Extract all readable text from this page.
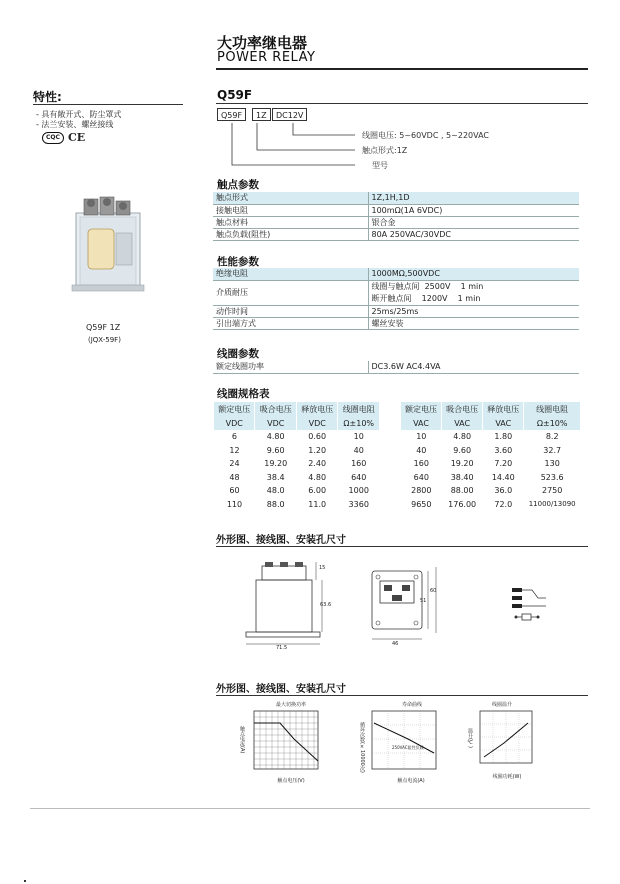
大功率继电器
POWER RELAY
特性:
- 具有敞开式、防尘罩式
- 法兰安装、螺丝接线
CQC CE
Q59F 1Z
(JQX-59F)
Q59F
Q59F	1Z	DC12V
线圈电压: 5~60VDC , 5~220VAC
触点形式:1Z
型号
触点参数
触点形式	1Z,1H,1D
接触电阻	100mΩ(1A 6VDC)
触点材料	银合金
触点负载(阻性)	80A 250VAC/30VDC
性能参数
绝缘电阻	1000MΩ,500VDC
介质耐压	线圈与触点间  2500V    1 min
断开触点间    1200V    1 min

动作时间	25ms/25ms
引出端方式	螺丝安装
线圈参数
额定线圈功率	DC3.6W AC4.4VA
线圈规格表
额定电压	吸合电压	释放电压	线圈电阻
VDC	VDC	VDC	Ω±10%
6	4.80	0.60	10
12	9.60	1.20	40
24	19.20	2.40	160
48	38.4	4.80	640
60	48.0	6.00	1000
110	88.0	11.0	3360
额定电压	吸合电压	释放电压	线圈电阻
VAC	VAC	VAC	Ω±10%
10	4.80	1.80	8.2
40	9.60	3.60	32.7
160	19.20	7.20	130
640	38.40	14.40	523.6
2800	88.00	36.0	2750
9650	176.00	72.0	11000/13090
外形图、接线图、安装孔尺寸
15
63.6
71.5
51
60
46
外形图、接线图、安装孔尺寸
最大切换功率
触点电流(A)
触点电压(V)
寿命曲线
循环次数(×10000次)	250VAC阻性负载
触点电流(A)
线圈温升
温升(℃)
线圈功耗(W)
